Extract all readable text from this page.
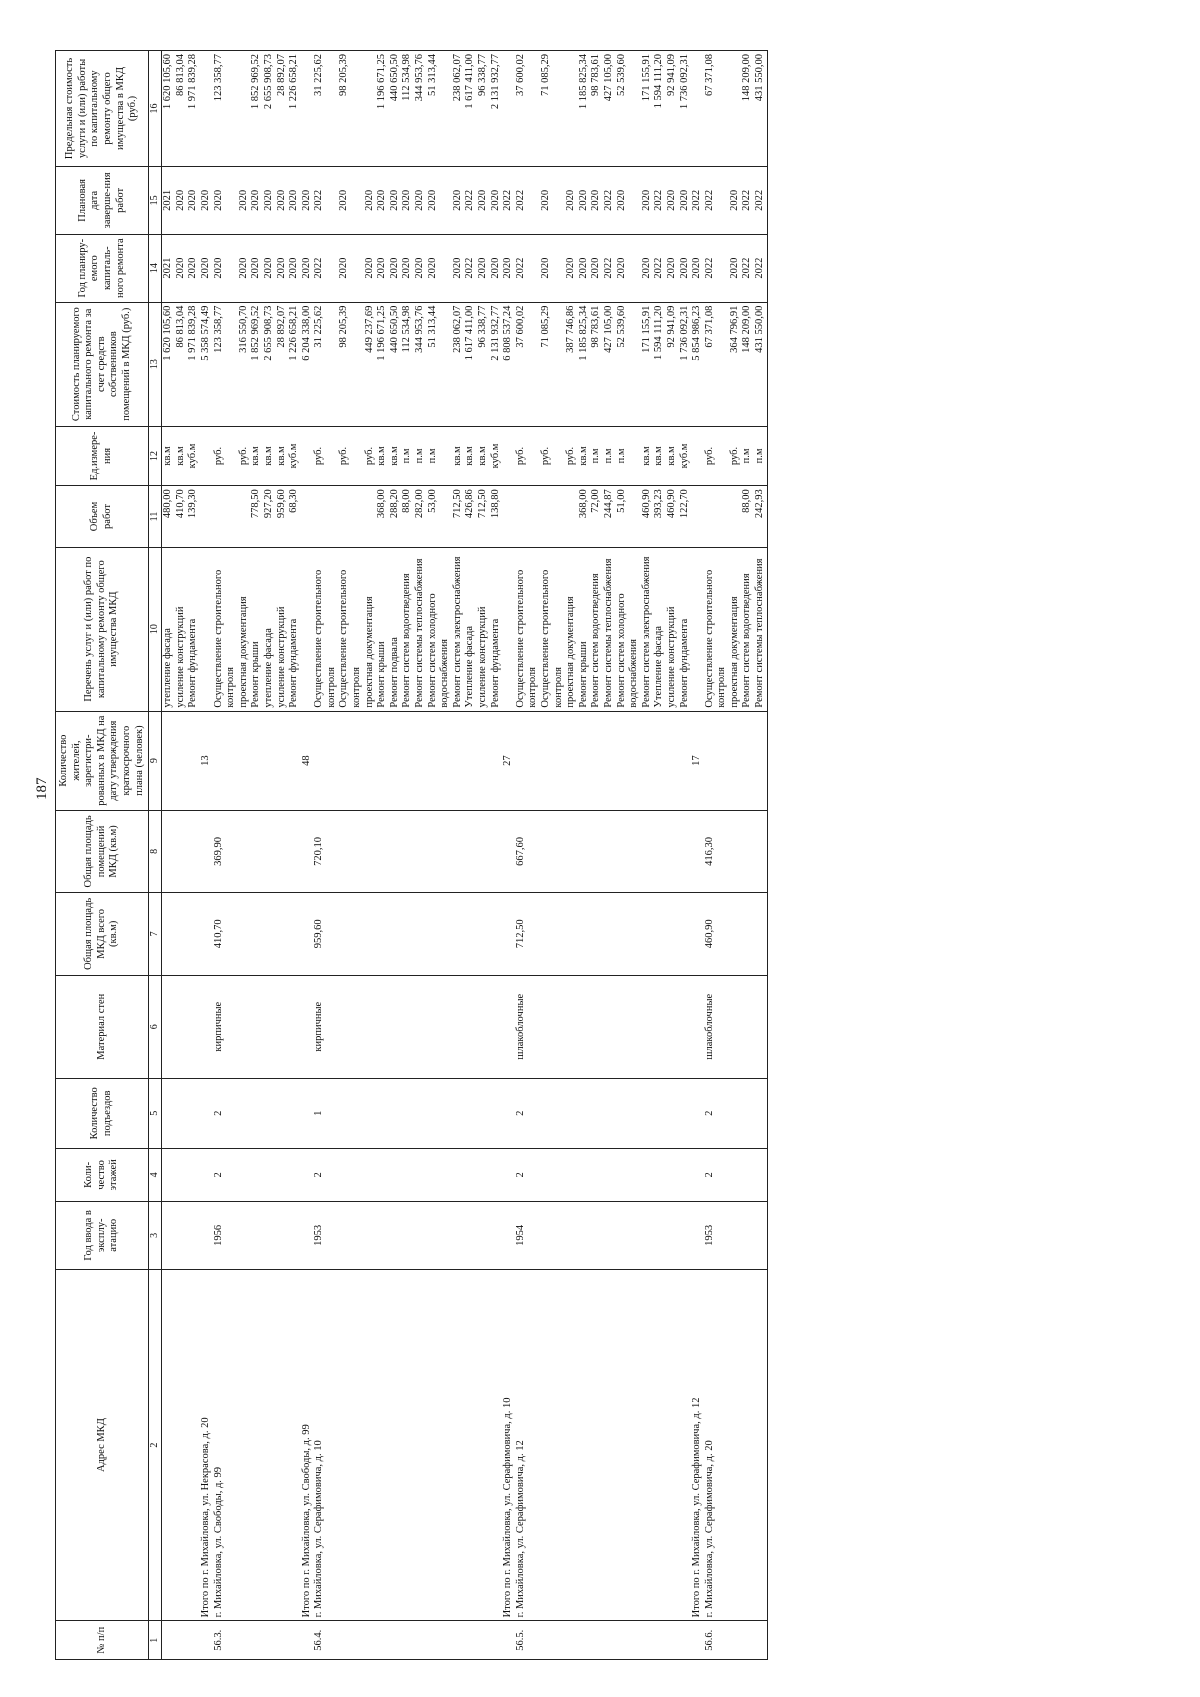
187
№ п/п	Адрес МКД	Год ввода в эксплу-атацию	Коли-чество этажей	Количество подъездов	Материал стен	Общая площадь МКД всего (кв.м)	Общая площадь помещений МКД (кв.м)	Количество жителей, зарегистри-рованных в МКД на дату утверждения краткосрочного плана (человек)	Перечень услуг и (или) работ по капитальному ремонту общего имущества МКД	Объем работ	Ед.измере-ния	Стоимость планируемого капитального ремонта за счет средств собственников помещений в МКД (руб.)	Год планиру-емого капиталь-ного ремонта	Плановая дата заверше-ния работ	Предельная стоимость услуги и (или) работы по капитальному ремонту общего имущества в МКД (руб.)
1	2	3	4	5	6	7	8	9	10	11	12	13	14	15	16
									утепление фасада	480,00	кв.м	1 620 105,60	2021	2021	1 620 105,60
									усиление конструкций	410,70	кв.м	86 813,04	2020	2020	86 813,04
									Ремонт фундамента	139,30	куб.м	1 971 839,28	2020	2020	1 971 839,28
	Итого по г. Михайловка, ул. Некрасова, д. 20							13				5 358 574,49	2020	2020	
56.3.	г. Михайловка, ул. Свободы, д. 99	1956	2	2	кирпичные	410,70	369,90		Осуществление строительного контроля		руб.	123 358,77	2020	2020	123 358,77
									проектная документация		руб.	316 550,70	2020	2020	
									Ремонт крыши	778,50	кв.м	1 852 969,52	2020	2020	1 852 969,52
									утепление фасада	927,20	кв.м	2 655 908,73	2020	2020	2 655 908,73
									усиление конструкций	959,60	кв.м	28 892,07	2020	2020	28 892,07
									Ремонт фундамента	68,30	куб.м	1 226 658,21	2020	2020	1 226 658,21
	Итого по г. Михайловка, ул. Свободы, д. 99							48				6 204 338,00	2020	2020	
56.4.	г. Михайловка, ул. Серафимовича, д. 10	1953	2	1	кирпичные	959,60	720,10		Осуществление строительного контроля		руб.	31 225,62	2022	2022	31 225,62
									Осуществление строительного контроля		руб.	98 205,39	2020	2020	98 205,39
									проектная документация		руб.	449 237,69	2020	2020	
									Ремонт крыши	368,00	кв.м	1 196 671,25	2020	2020	1 196 671,25
									Ремонт подвала	288,20	кв.м	440 650,50	2020	2020	440 650,50
									Ремонт систем водоотведения	88,00	п.м	112 534,98	2020	2020	112 534,98
									Ремонт системы теплоснабжения	282,00	п.м	344 953,76	2020	2020	344 953,76
									Ремонт систем холодного водоснабжения	53,00	п.м	51 313,44	2020	2020	51 313,44
									Ремонт систем электроснабжения	712,50	кв.м	238 062,07	2020	2020	238 062,07
									Утепление фасада	426,86	кв.м	1 617 411,00	2022	2022	1 617 411,00
									усиление конструкций	712,50	кв.м	96 338,77	2020	2020	96 338,77
									Ремонт фундамента	138,80	куб.м	2 131 932,77	2020	2020	2 131 932,77
	Итого по г. Михайловка, ул. Серафимовича, д. 10							27				6 808 537,24	2020	2022	
56.5.	г. Михайловка, ул. Серафимовича, д. 12	1954	2	2	шлакоблочные	712,50	667,60		Осуществление строительного контроля		руб.	37 600,02	2022	2022	37 600,02
									Осуществление строительного контроля		руб.	71 085,29	2020	2020	71 085,29
									проектная документация		руб.	387 746,86	2020	2020	
									Ремонт крыши	368,00	кв.м	1 185 825,34	2020	2020	1 185 825,34
									Ремонт систем водоотведения	72,00	п.м	98 783,61	2020	2020	98 783,61
									Ремонт системы теплоснабжения	244,87	п.м	427 105,00	2022	2022	427 105,00
									Ремонт систем холодного водоснабжения	51,00	п.м	52 539,60	2020	2020	52 539,60
									Ремонт систем электроснабжения	460,90	кв.м	171 155,91	2020	2020	171 155,91
									Утепление фасада	393,23	кв.м	1 594 111,20	2022	2022	1 594 111,20
									усиление конструкций	460,90	кв.м	92 941,09	2020	2020	92 941,09
									Ремонт фундамента	122,70	куб.м	1 736 092,31	2020	2020	1 736 092,31
	Итого по г. Михайловка, ул. Серафимовича, д. 12							17				5 854 986,23	2020	2022	
56.6.	г. Михайловка, ул. Серафимовича, д. 20	1953	2	2	шлакоблочные	460,90	416,30		Осуществление строительного контроля		руб.	67 371,08	2022	2022	67 371,08
									проектная документация		руб.	364 796,91	2020	2020	
									Ремонт систем водоотведения	88,00	п.м	148 209,00	2022	2022	148 209,00
									Ремонт системы теплоснабжения	242,93	п.м	431 550,00	2022	2022	431 550,00
